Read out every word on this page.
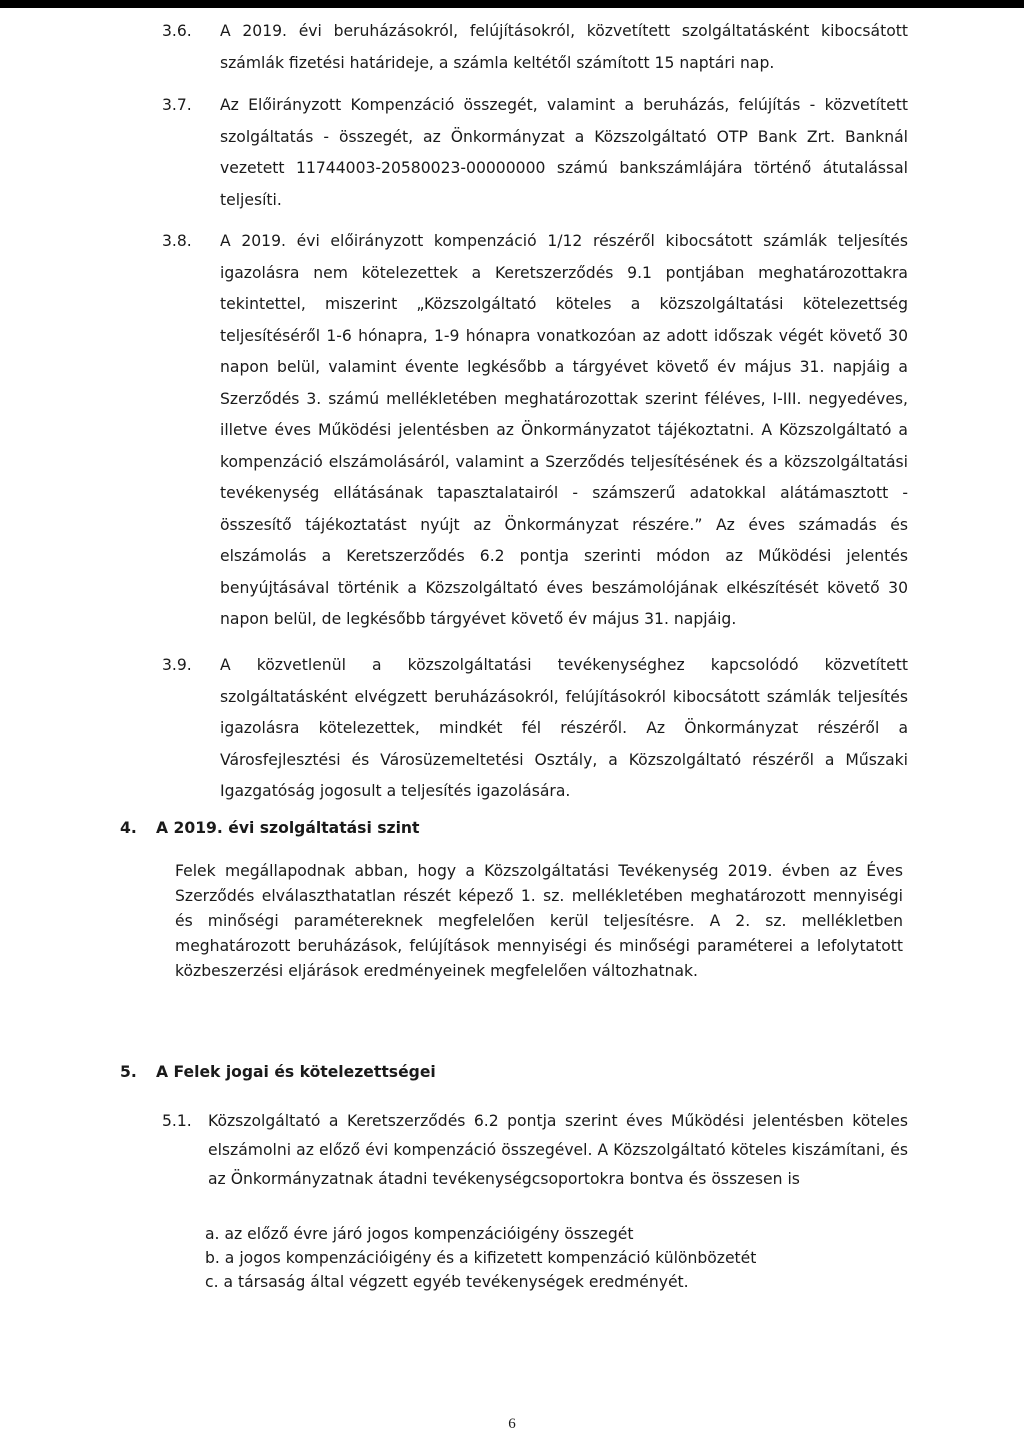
3.6. A 2019. évi beruházásokról, felújításokról, közvetített szolgáltatásként kibocsátott számlák fizetési határideje, a számla keltétől számított 15 naptári nap.
3.7. Az Előirányzott Kompenzáció összegét, valamint a beruházás, felújítás - közvetített szolgáltatás - összegét, az Önkormányzat a Közszolgáltató OTP Bank Zrt. Banknál vezetett 11744003-20580023-00000000 számú bankszámlájára történő átutalással teljesíti.
3.8. A 2019. évi előirányzott kompenzáció 1/12 részéről kibocsátott számlák teljesítés igazolásra nem kötelezettek a Keretszerződés 9.1 pontjában meghatározottakra tekintettel, miszerint „Közszolgáltató köteles a közszolgáltatási kötelezettség teljesítéséről 1-6 hónapra, 1-9 hónapra vonatkozóan az adott időszak végét követő 30 napon belül, valamint évente legkésőbb a tárgyévet követő év május 31. napjáig a Szerződés 3. számú mellékletében meghatározottak szerint féléves, I-III. negyedéves, illetve éves Működési jelentésben az Önkormányzatot tájékoztatni. A Közszolgáltató a kompenzáció elszámolásáról, valamint a Szerződés teljesítésének és a közszolgáltatási tevékenység ellátásának tapasztalatairól - számszerű adatokkal alátámasztott - összesítő tájékoztatást nyújt az Önkormányzat részére.” Az éves számadás és elszámolás a Keretszerződés 6.2 pontja szerinti módon az Működési jelentés benyújtásával történik a Közszolgáltató éves beszámolójának elkészítését követő 30 napon belül, de legkésőbb tárgyévet követő év május 31. napjáig.
3.9. A közvetlenül a közszolgáltatási tevékenységhez kapcsolódó közvetített szolgáltatásként elvégzett beruházásokról, felújításokról kibocsátott számlák teljesítés igazolásra kötelezettek, mindkét fél részéről. Az Önkormányzat részéről a Városfejlesztési és Városüzemeltetési Osztály, a Közszolgáltató részéről a Műszaki Igazgatóság jogosult a teljesítés igazolására.
4. A 2019. évi szolgáltatási szint
Felek megállapodnak abban, hogy a Közszolgáltatási Tevékenység 2019. évben az Éves Szerződés elválaszthatatlan részét képező 1. sz. mellékletében meghatározott mennyiségi és minőségi paramétereknek megfelelően kerül teljesítésre. A 2. sz. mellékletben meghatározott beruházások, felújítások mennyiségi és minőségi paraméterei a lefolytatott közbeszerzési eljárások eredményeinek megfelelően változhatnak.
5. A Felek jogai és kötelezettségei
5.1. Közszolgáltató a Keretszerződés 6.2 pontja szerint éves Működési jelentésben köteles elszámolni az előző évi kompenzáció összegével. A Közszolgáltató köteles kiszámítani, és az Önkormányzatnak átadni tevékenységcsoportokra bontva és összesen is
a. az előző évre járó jogos kompenzációigény összegét
b. a jogos kompenzációigény és a kifizetett kompenzáció különbözetét
c. a társaság által végzett egyéb tevékenységek eredményét.
6
